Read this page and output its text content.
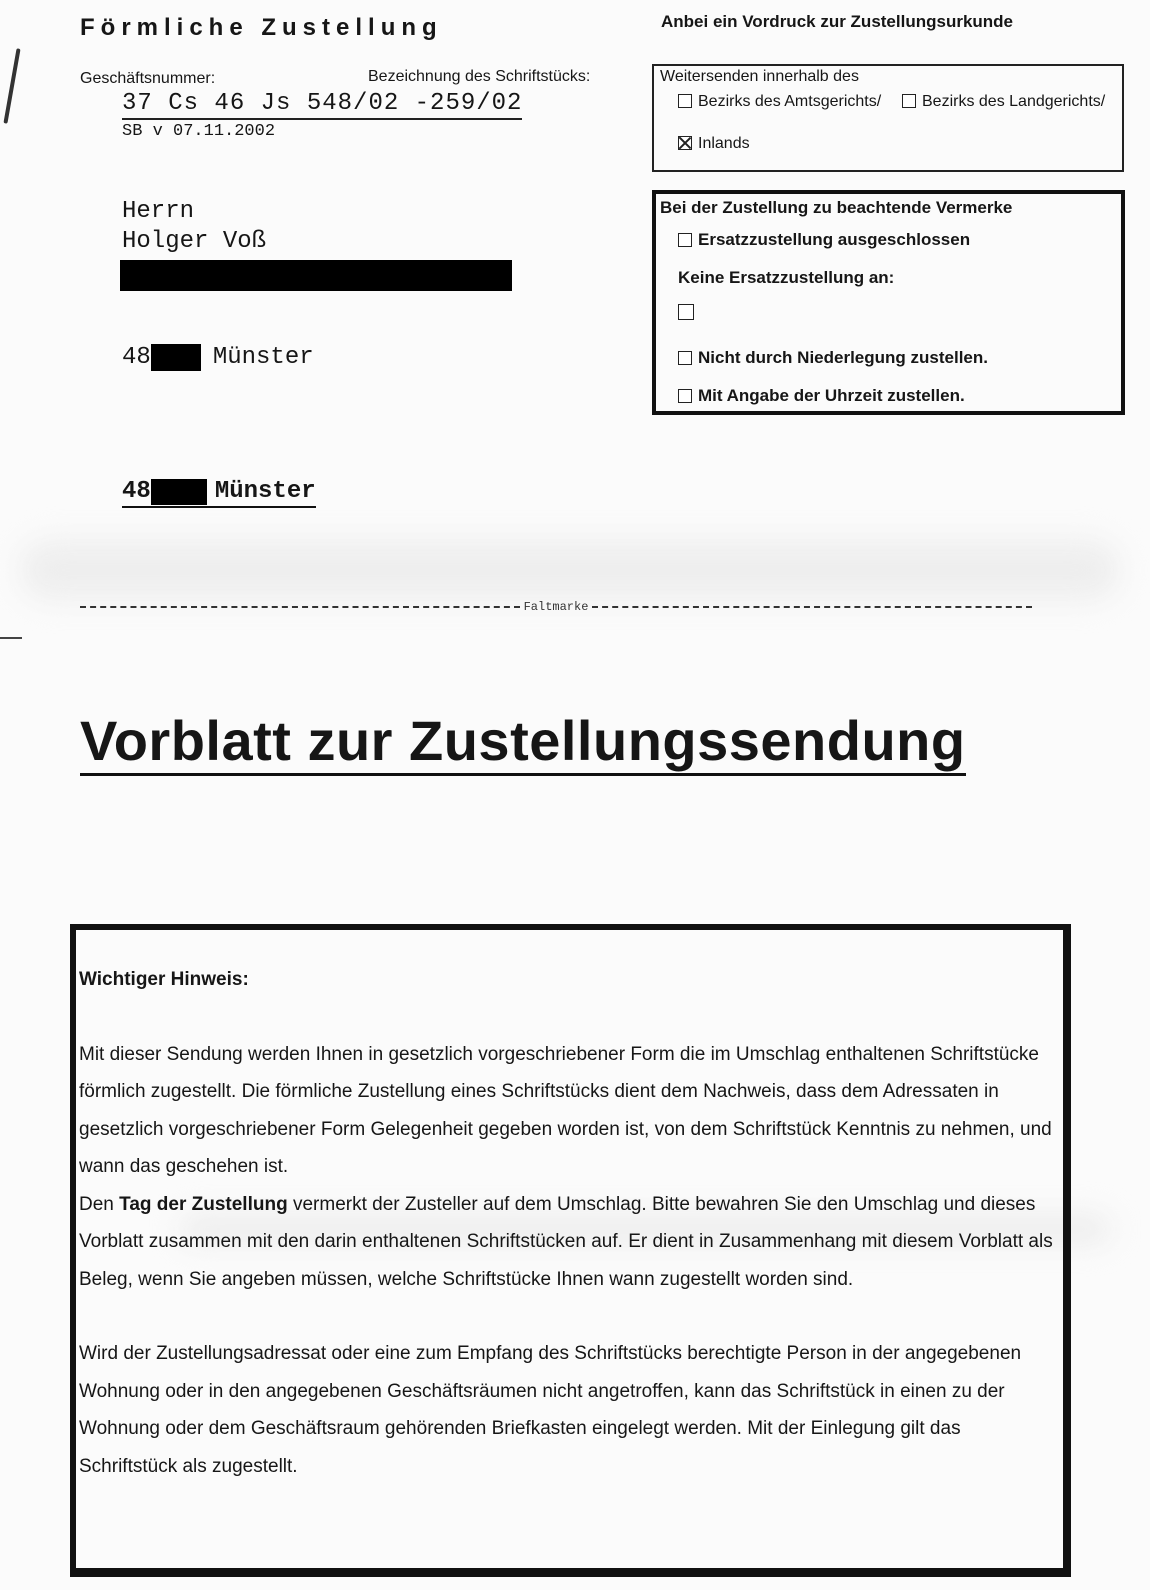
Förmliche Zustellung
Geschäftsnummer:	Bezeichnung des Schriftstücks:
37 Cs 46 Js 548/02 -259/02
SB v 07.11.2002
Anbei ein Vordruck zur Zustellungsurkunde
Weitersenden innerhalb des
Bezirks des Amtsgerichts/	Bezirks des Landgerichts/
Inlands
Bei der Zustellung zu beachtende Vermerke
Ersatzzustellung ausgeschlossen
Keine Ersatzzustellung an:
Nicht durch Niederlegung zustellen.
Mit Angabe der Uhrzeit zustellen.
Herrn
Holger Voß
48	Münster
48	Münster
Faltmarke
Vorblatt zur Zustellungssendung

Wichtiger Hinweis:

Mit dieser Sendung werden Ihnen in gesetzlich vorgeschriebener Form die im Umschlag enthaltenen Schriftstücke förmlich zugestellt. Die förmliche Zustellung eines Schriftstücks dient dem Nachweis, dass dem Adressaten in gesetzlich vorgeschriebener Form Gelegenheit gegeben worden ist, von dem Schriftstück Kenntnis zu nehmen, und wann das geschehen ist.

Den Tag der Zustellung vermerkt der Zusteller auf dem Umschlag. Bitte bewahren Sie den Umschlag und dieses Vorblatt zusammen mit den darin enthaltenen Schriftstücken auf. Er dient in Zusammenhang mit diesem Vorblatt als Beleg, wenn Sie angeben müssen, welche Schriftstücke Ihnen wann zugestellt worden sind.

Wird der Zustellungsadressat oder eine zum Empfang des Schriftstücks berechtigte Person in der angegebenen Wohnung oder in den angegebenen Geschäftsräumen nicht angetroffen, kann das Schriftstück in einen zu der Wohnung oder dem Geschäftsraum gehörenden Briefkasten eingelegt werden. Mit der Einlegung gilt das Schriftstück als zugestellt.
